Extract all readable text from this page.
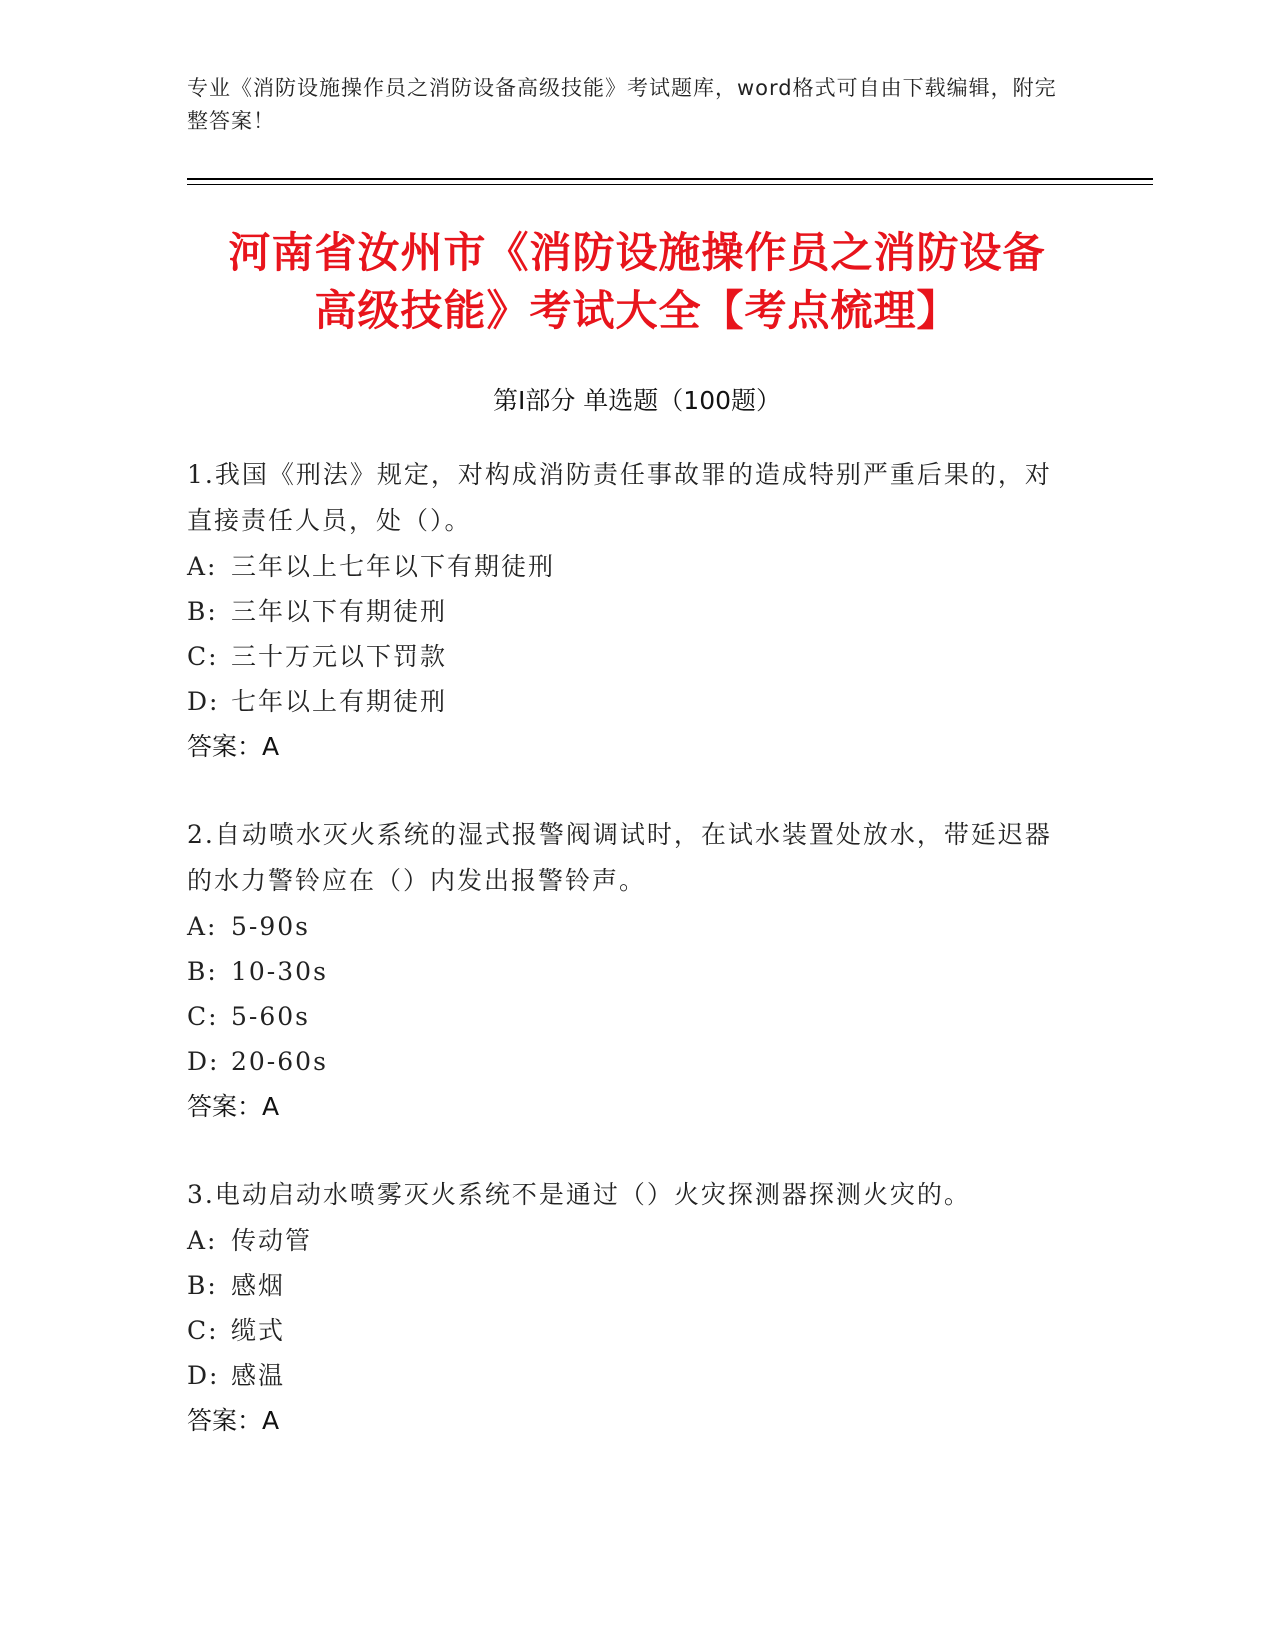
专业《消防设施操作员之消防设备高级技能》考试题库，word格式可自由下载编辑，附完整答案！
河南省汝州市《消防设施操作员之消防设备
高级技能》考试大全【考点梳理】
第I部分 单选题（100题）
1.我国《刑法》规定，对构成消防责任事故罪的造成特别严重后果的，对直接责任人员，处（）。
A: 三年以上七年以下有期徒刑
B: 三年以下有期徒刑
C: 三十万元以下罚款
D: 七年以上有期徒刑
答案：A
2.自动喷水灭火系统的湿式报警阀调试时，在试水装置处放水，带延迟器的水力警铃应在（）内发出报警铃声。
A: 5-90s
B: 10-30s
C: 5-60s
D: 20-60s
答案：A
3.电动启动水喷雾灭火系统不是通过（）火灾探测器探测火灾的。
A: 传动管
B: 感烟
C: 缆式
D: 感温
答案：A
